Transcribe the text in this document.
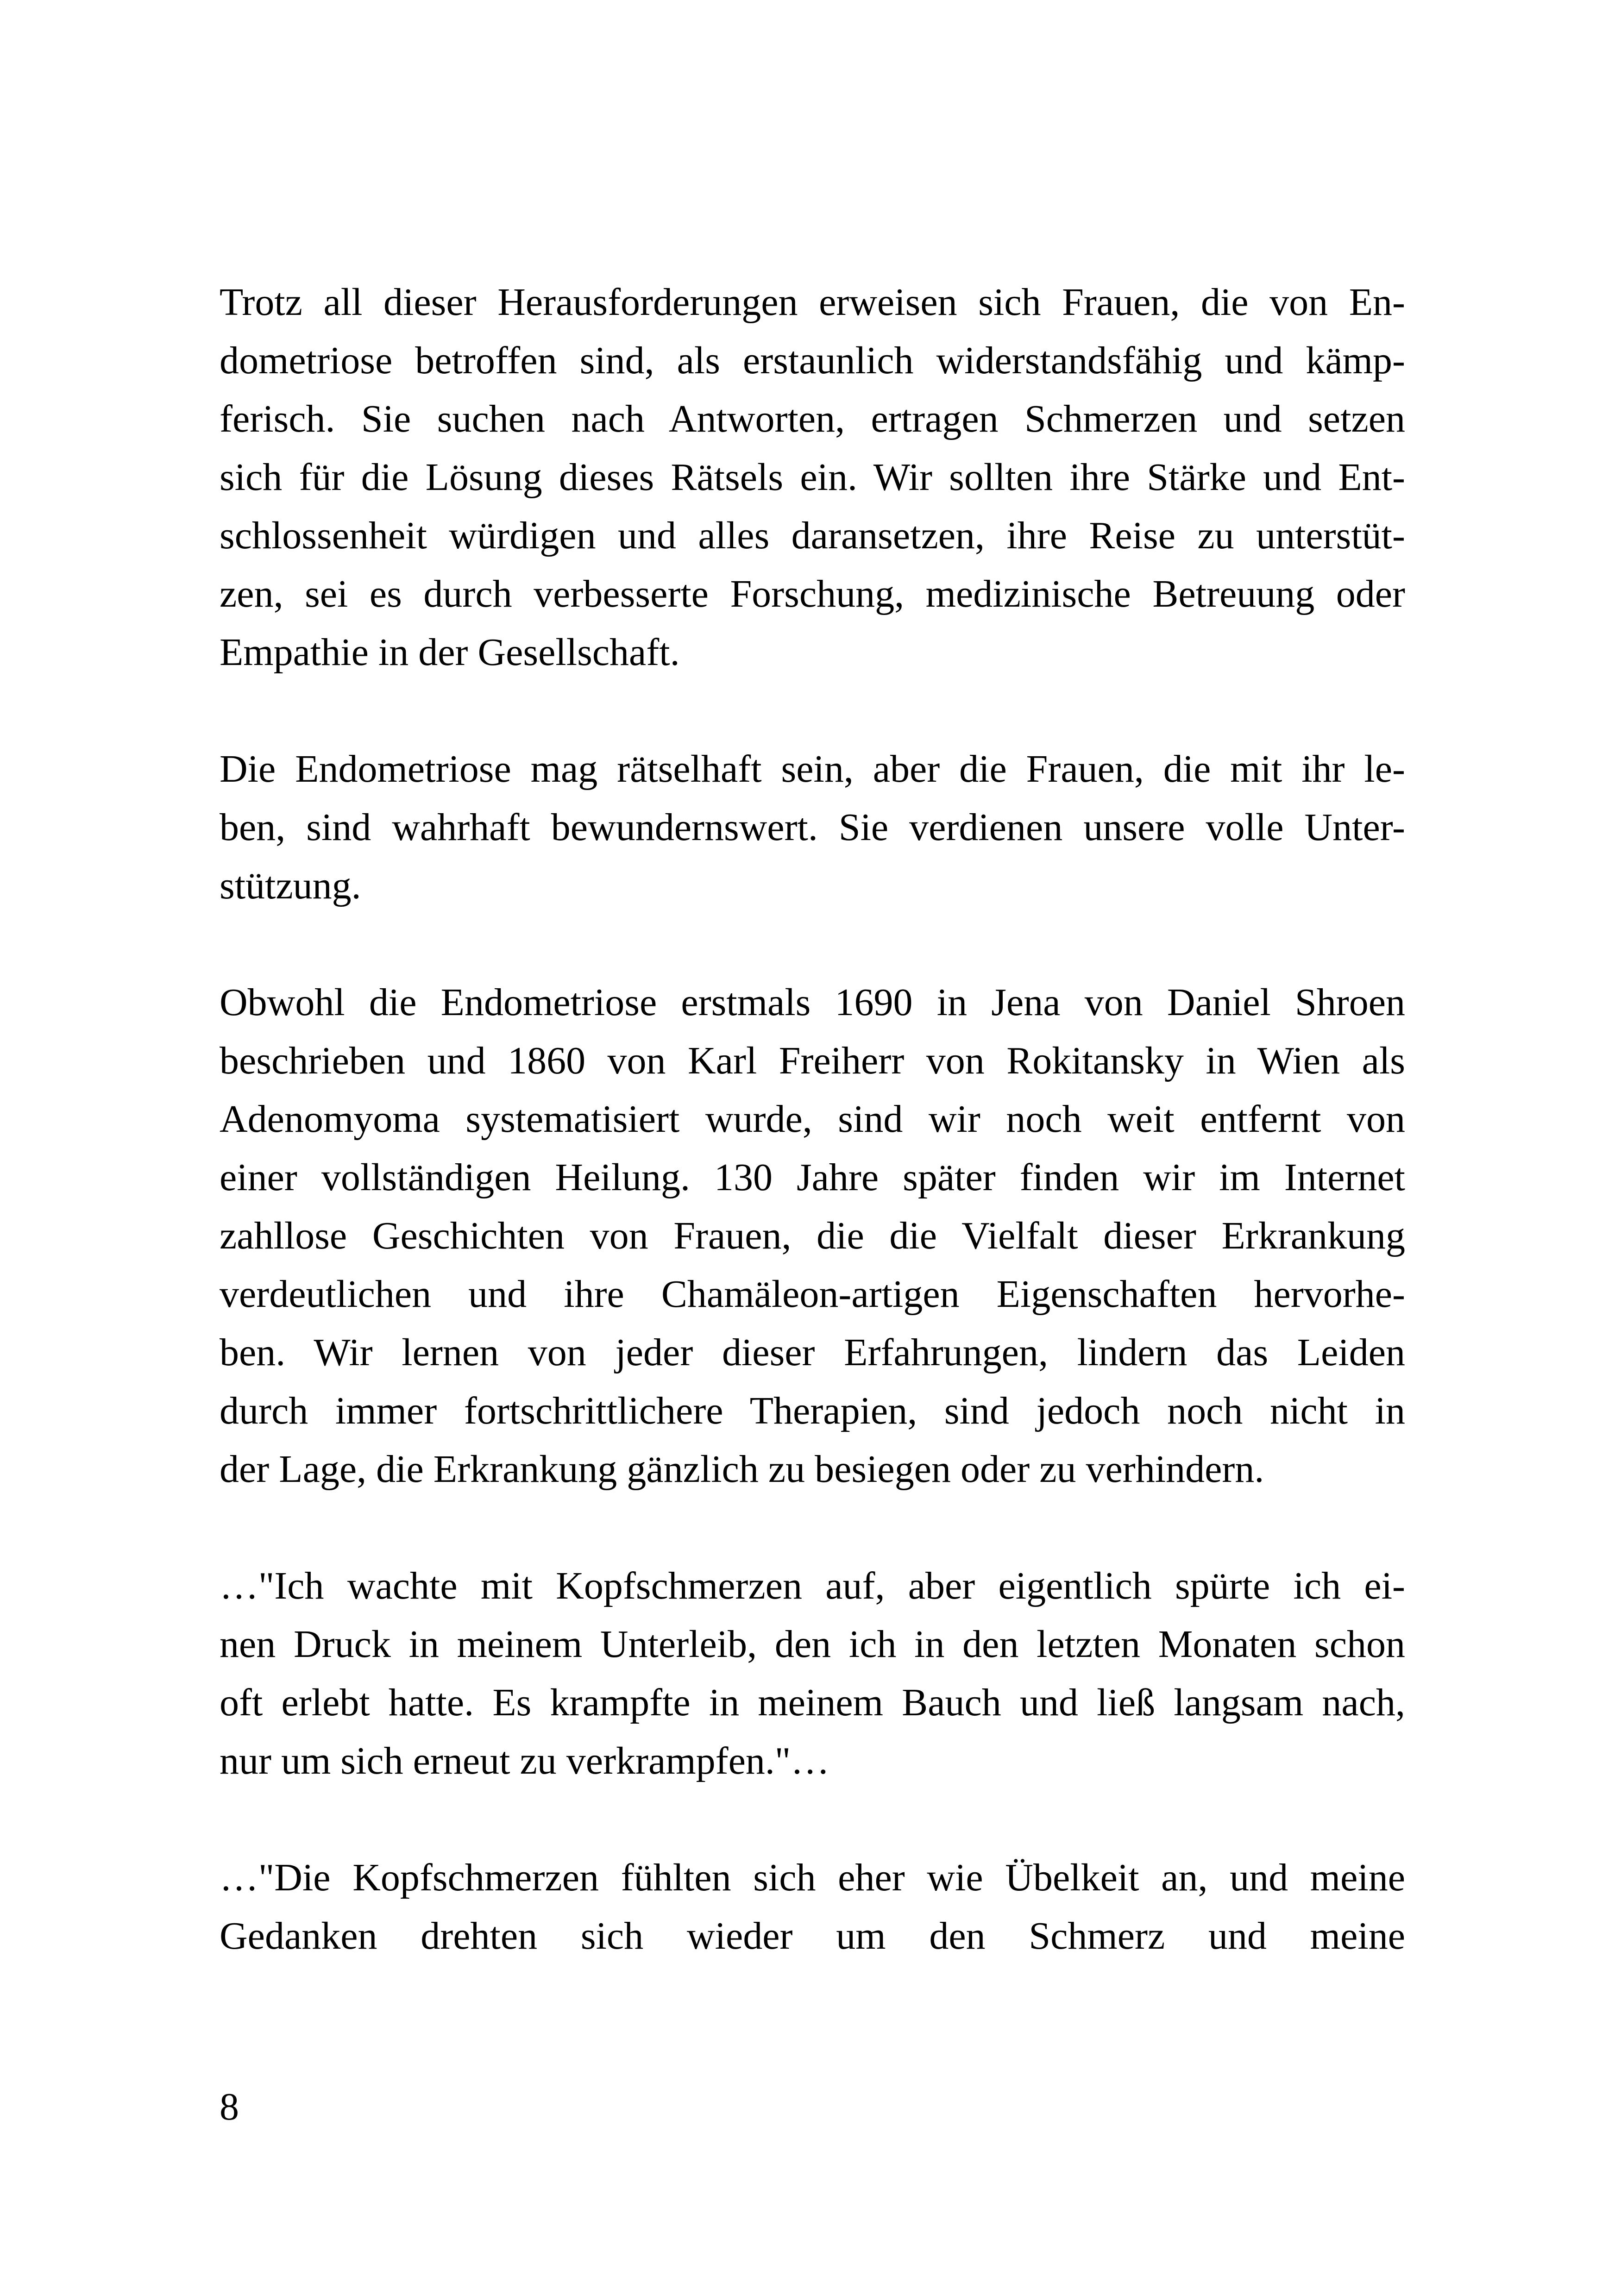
Trotz all dieser Herausforderungen erweisen sich Frauen, die von En-
dometriose betroffen sind, als erstaunlich widerstandsfähig und kämp-
ferisch. Sie suchen nach Antworten, ertragen Schmerzen und setzen
sich für die Lösung dieses Rätsels ein. Wir sollten ihre Stärke und Ent-
schlossenheit würdigen und alles daransetzen, ihre Reise zu unterstüt-
zen, sei es durch verbesserte Forschung, medizinische Betreuung oder
Empathie in der Gesellschaft.

Die Endometriose mag rätselhaft sein, aber die Frauen, die mit ihr le-
ben, sind wahrhaft bewundernswert. Sie verdienen unsere volle Unter-
stützung.

Obwohl die Endometriose erstmals 1690 in Jena von Daniel Shroen
beschrieben und 1860 von Karl Freiherr von Rokitansky in Wien als
Adenomyoma systematisiert wurde, sind wir noch weit entfernt von
einer vollständigen Heilung. 130 Jahre später finden wir im Internet
zahllose Geschichten von Frauen, die die Vielfalt dieser Erkrankung
verdeutlichen und ihre Chamäleon-artigen Eigenschaften hervorhe-
ben. Wir lernen von jeder dieser Erfahrungen, lindern das Leiden
durch immer fortschrittlichere Therapien, sind jedoch noch nicht in
der Lage, die Erkrankung gänzlich zu besiegen oder zu verhindern.

…"Ich wachte mit Kopfschmerzen auf, aber eigentlich spürte ich ei-
nen Druck in meinem Unterleib, den ich in den letzten Monaten schon
oft erlebt hatte. Es krampfte in meinem Bauch und ließ langsam nach,
nur um sich erneut zu verkrampfen."…

…"Die Kopfschmerzen fühlten sich eher wie Übelkeit an, und meine
Gedanken drehten sich wieder um den Schmerz und meine

8
